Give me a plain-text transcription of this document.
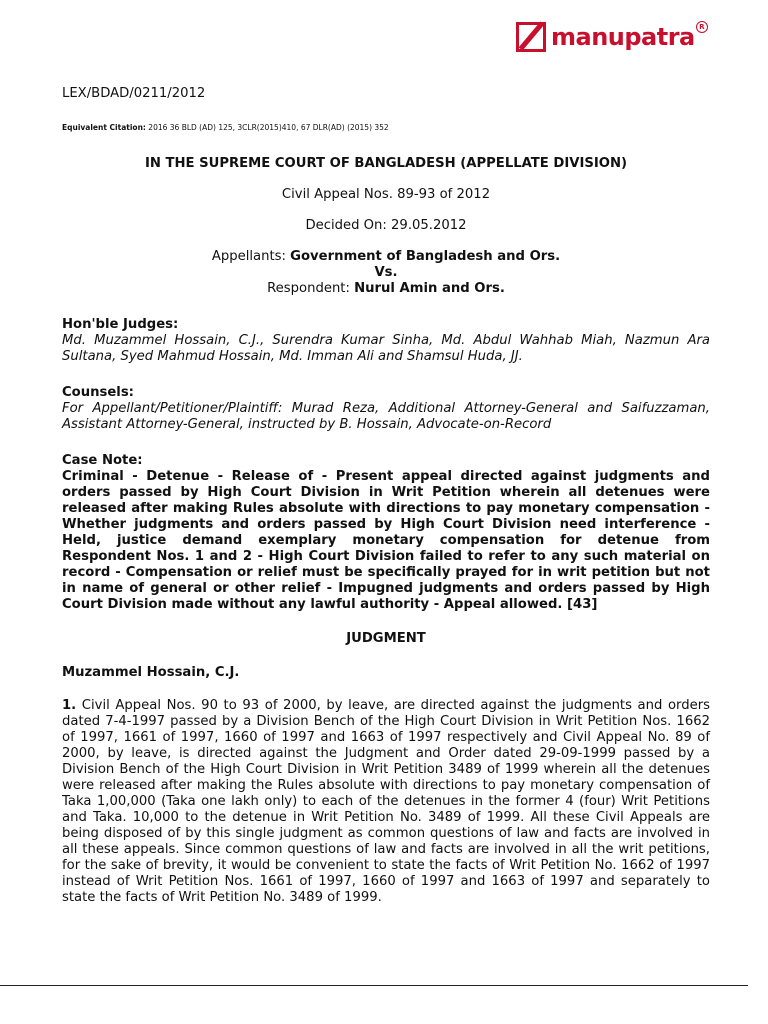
manupatra R

LEX/BDAD/0211/2012

Equivalent Citation: 2016 36 BLD (AD) 125, 3CLR(2015)410, 67 DLR(AD) (2015) 352

IN THE SUPREME COURT OF BANGLADESH (APPELLATE DIVISION)

Civil Appeal Nos. 89-93 of 2012

Decided On: 29.05.2012

Appellants: Government of Bangladesh and Ors.

Vs.

Respondent: Nurul Amin and Ors.

Hon'ble Judges:

Md. Muzammel Hossain, C.J., Surendra Kumar Sinha, Md. Abdul Wahhab Miah, Nazmun Ara Sultana, Syed Mahmud Hossain, Md. Imman Ali and Shamsul Huda, JJ.

Counsels:

For Appellant/Petitioner/Plaintiff: Murad Reza, Additional Attorney-General and Saifuzzaman, Assistant Attorney-General, instructed by B. Hossain, Advocate-on-Record

Case Note:

Criminal - Detenue - Release of - Present appeal directed against judgments and orders passed by High Court Division in Writ Petition wherein all detenues were released after making Rules absolute with directions to pay monetary compensation - Whether judgments and orders passed by High Court Division need interference - Held, justice demand exemplary monetary compensation for detenue from Respondent Nos. 1 and 2 - High Court Division failed to refer to any such material on record - Compensation or relief must be specifically prayed for in writ petition but not in name of general or other relief - Impugned judgments and orders passed by High Court Division made without any lawful authority - Appeal allowed. [43]

JUDGMENT

Muzammel Hossain, C.J.

1. Civil Appeal Nos. 90 to 93 of 2000, by leave, are directed against the judgments and orders dated 7-4-1997 passed by a Division Bench of the High Court Division in Writ Petition Nos. 1662 of 1997, 1661 of 1997, 1660 of 1997 and 1663 of 1997 respectively and Civil Appeal No. 89 of 2000, by leave, is directed against the Judgment and Order dated 29-09-1999 passed by a Division Bench of the High Court Division in Writ Petition 3489 of 1999 wherein all the detenues were released after making the Rules absolute with directions to pay monetary compensation of Taka 1,00,000 (Taka one lakh only) to each of the detenues in the former 4 (four) Writ Petitions and Taka. 10,000 to the detenue in Writ Petition No. 3489 of 1999. All these Civil Appeals are being disposed of by this single judgment as common questions of law and facts are involved in all these appeals. Since common questions of law and facts are involved in all the writ petitions, for the sake of brevity, it would be convenient to state the facts of Writ Petition No. 1662 of 1997 instead of Writ Petition Nos. 1661 of 1997, 1660 of 1997 and 1663 of 1997 and separately to state the facts of Writ Petition No. 3489 of 1999.
